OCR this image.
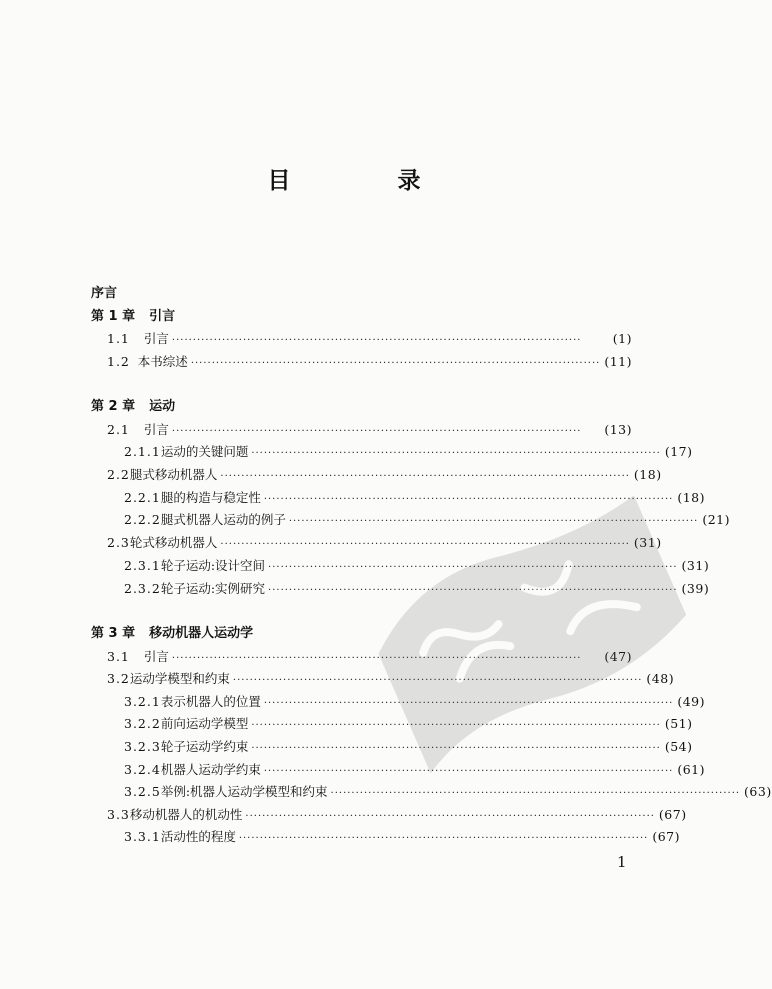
目　录
序言
第 1 章 引言
1.1 引言 ··································································································	(1)
1.2 本书综述 ·································································································· (11)
第 2 章 运动
2.1 引言 ··································································································	(13)
2.1.1 运动的关键问题 ·································································································· (17)
2.2 腿式移动机器人 ·································································································· (18)
2.2.1 腿的构造与稳定性 ·································································································· (18)
2.2.2 腿式机器人运动的例子 ·································································································· (21)
2.3 轮式移动机器人 ·································································································· (31)
2.3.1 轮子运动:设计空间 ·································································································· (31)
2.3.2 轮子运动:实例研究 ·································································································· (39)
第 3 章 移动机器人运动学
3.1 引言 ··································································································	(47)
3.2 运动学模型和约束 ·································································································· (48)
3.2.1 表示机器人的位置 ·································································································· (49)
3.2.2 前向运动学模型 ·································································································· (51)
3.2.3 轮子运动学约束 ·································································································· (54)
3.2.4 机器人运动学约束 ·································································································· (61)
3.2.5 举例:机器人运动学模型和约束 ·································································································· (63)
3.3 移动机器人的机动性 ·································································································· (67)
3.3.1 活动性的程度 ·································································································· (67)
1
